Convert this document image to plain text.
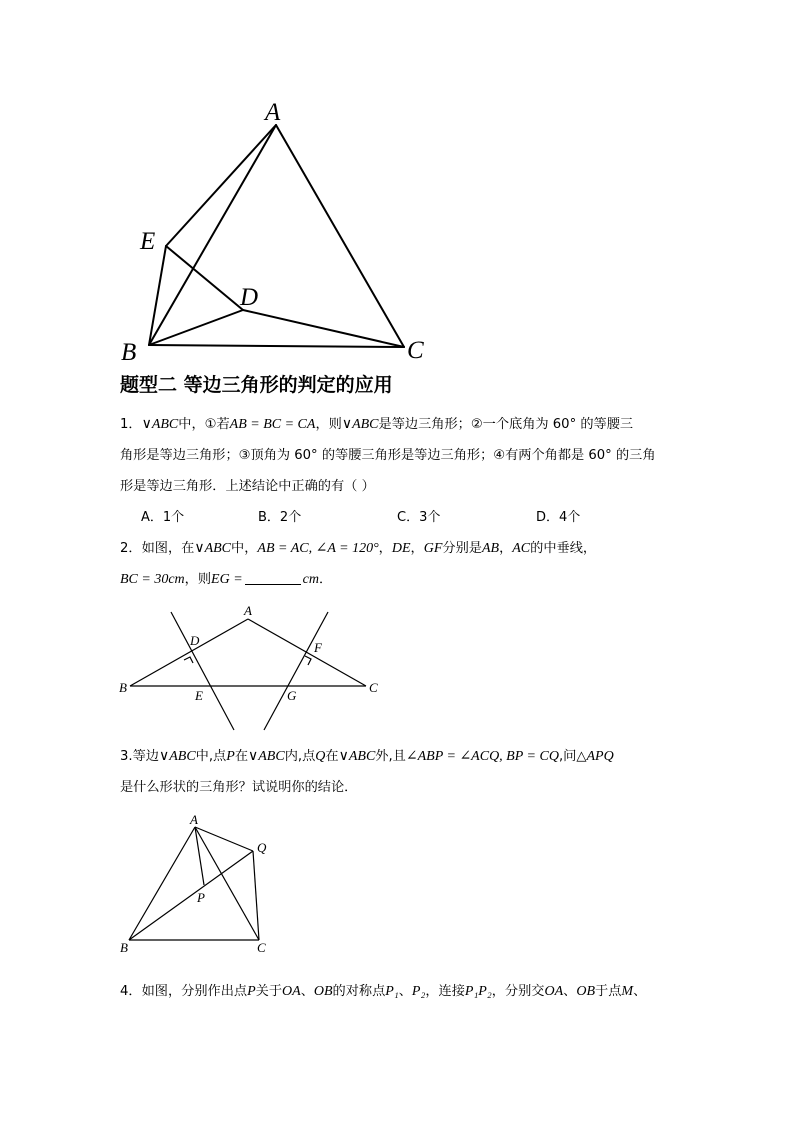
A
E
D
B	C
题型二 等边三角形的判定的应用
1．∨ABC中，①若AB = BC = CA，则∨ABC是等边三角形；②一个底角为 60° 的等腰三
角形是等边三角形；③顶角为 60° 的等腰三角形是等边三角形；④有两个角都是 60° 的三角
形是等边三角形．上述结论中正确的有（ ）
A．1个	B．2个	C．3个	D．4个
2．如图，在∨ABC中，AB = AC, ∠A = 120°，DE，GF分别是AB，AC的中垂线，
BC = 30cm，则EG =	cm．
A
D	F
B
E	G
C
3.等边∨ABC中,点P在∨ABC内,点Q在∨ABC外,且∠ABP = ∠ACQ, BP = CQ,问△APQ
是什么形状的三角形？试说明你的结论．
A
Q
P
B	C
4．如图，分别作出点P关于OA、OB的对称点P₁、P₂，连接P₁P₂，分别交OA、OB于点M、
